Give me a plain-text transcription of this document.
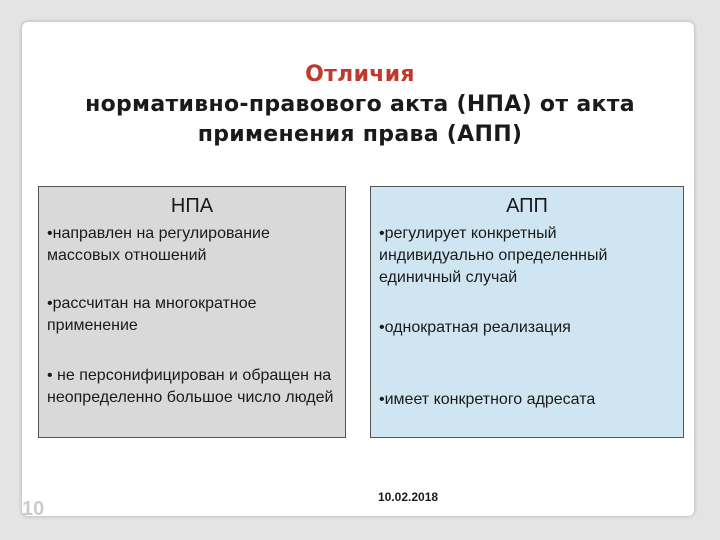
Отличия
нормативно-правового акта (НПА) от акта
применения права (АПП)
НПА
•направлен на регулирование массовых отношений
•рассчитан на многократное применение
• не персонифицирован и обращен на неопределенно большое число людей
АПП
•регулирует конкретный индивидуально определенный единичный случай
•однократная реализация
•имеет конкретного адресата
10.02.2018
10
